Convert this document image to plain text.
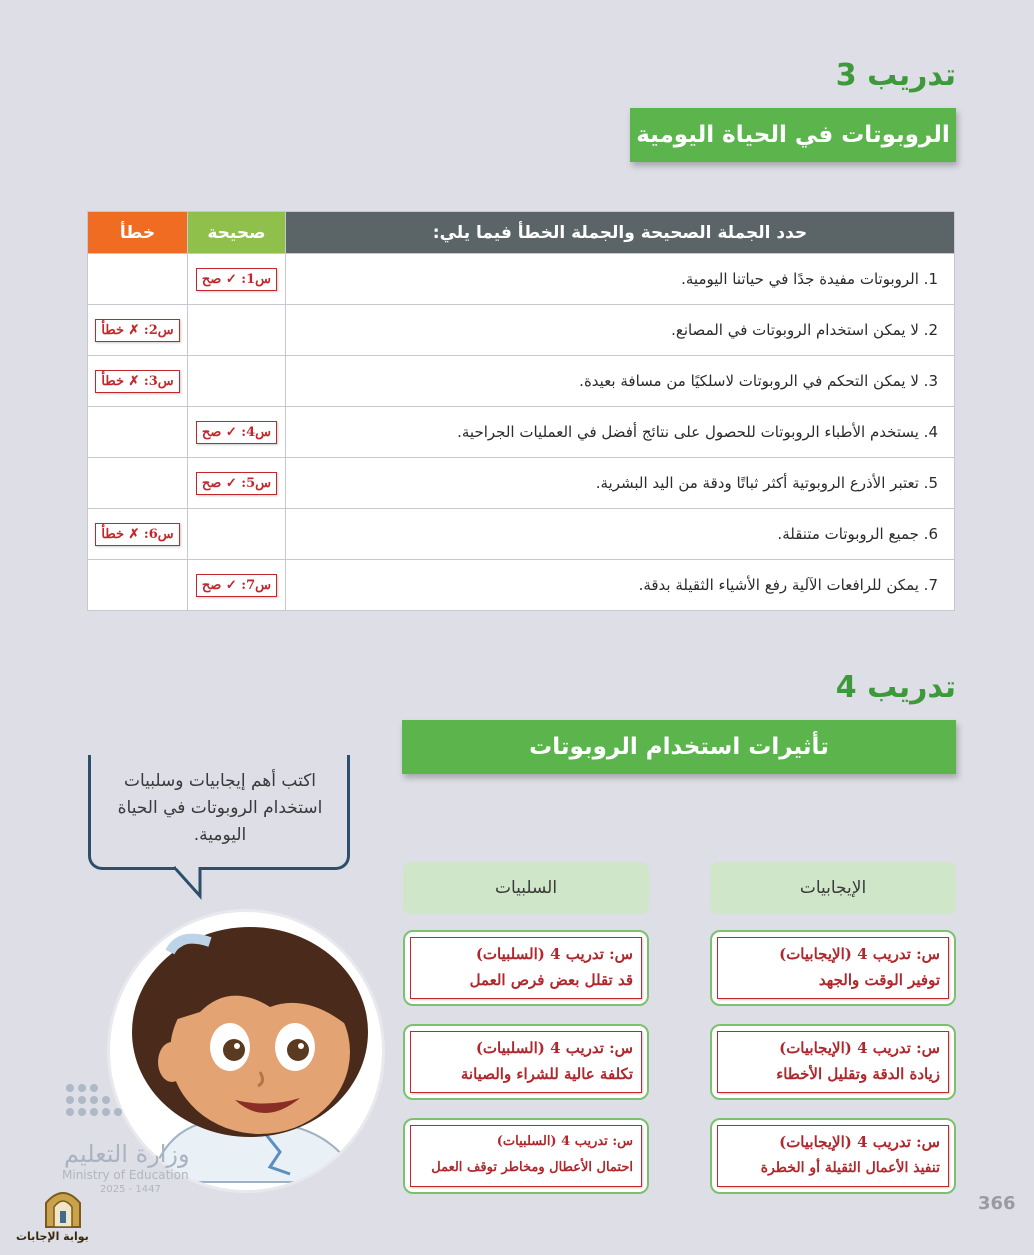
تدريب 3
الروبوتات في الحياة اليومية
حدد الجملة الصحيحة والجملة الخطأ فيما يلي:	صحيحة	خطأ
1. الروبوتات مفيدة جدًا في حياتنا اليومية.	س1: ✓ صح	
2. لا يمكن استخدام الروبوتات في المصانع.		س2: ✗ خطأ
3. لا يمكن التحكم في الروبوتات لاسلكيًا من مسافة بعيدة.		س3: ✗ خطأ
4. يستخدم الأطباء الروبوتات للحصول على نتائج أفضل في العمليات الجراحية.	س4: ✓ صح	
5. تعتبر الأذرع الروبوتية أكثر ثباتًا ودقة من اليد البشرية.	س5: ✓ صح	
6. جميع الروبوتات متنقلة.		س6: ✗ خطأ
7. يمكن للرافعات الآلية رفع الأشياء الثقيلة بدقة.	س7: ✓ صح	
تدريب 4
تأثيرات استخدام الروبوتات
اكتب أهم إيجابيات وسلبيات استخدام الروبوتات في الحياة اليومية.
الإيجابيات
السلبيات
س: تدريب 4 (الإيجابيات)
توفير الوقت والجهد
س: تدريب 4 (الإيجابيات)
زيادة الدقة وتقليل الأخطاء
س: تدريب 4 (الإيجابيات)
تنفيذ الأعمال الثقيلة أو الخطرة
س: تدريب 4 (السلبيات)
قد تقلل بعض فرص العمل
س: تدريب 4 (السلبيات)
تكلفة عالية للشراء والصيانة
س: تدريب 4 (السلبيات)
احتمال الأعطال ومخاطر توقف العمل
وزارة التعليم
Ministry of Education
2025 - 1447
بوابة الإجابات
366
